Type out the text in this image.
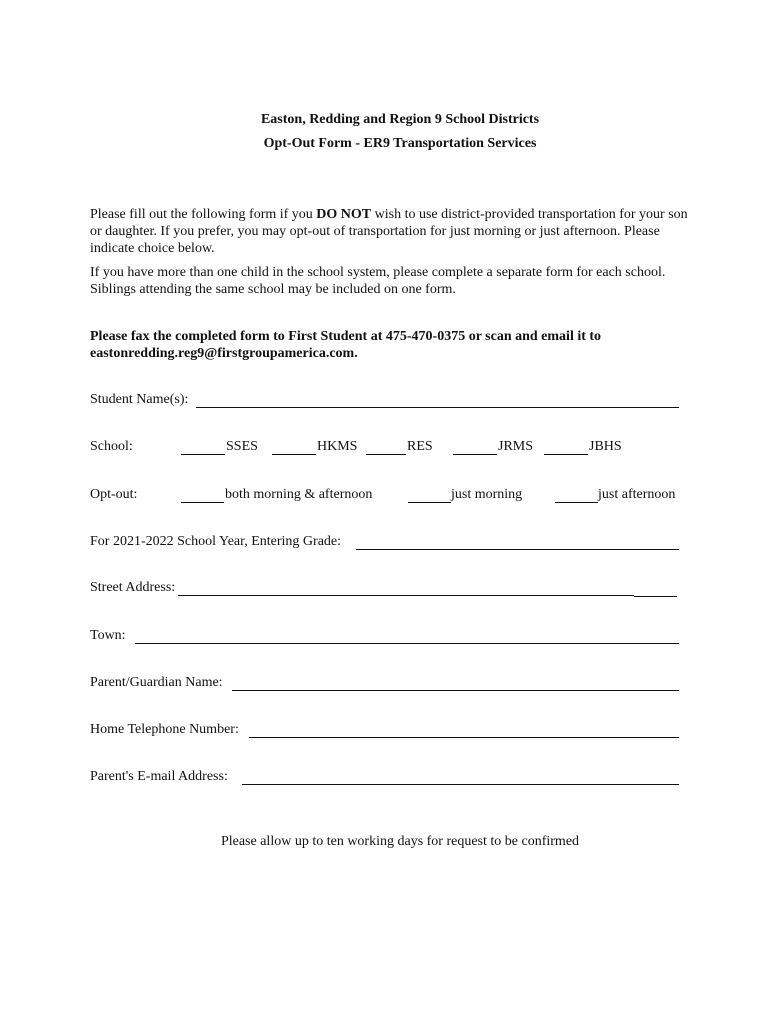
Easton, Redding and Region 9 School Districts
Opt-Out Form - ER9 Transportation Services
Please fill out the following form if you DO NOT wish to use district-provided transportation for your son or daughter. If you prefer, you may opt-out of transportation for just morning or just afternoon. Please indicate choice below.
If you have more than one child in the school system, please complete a separate form for each school. Siblings attending the same school may be included on one form.
Please fax the completed form to First Student at 475-470-0375 or scan and email it to eastonredding.reg9@firstgroupamerica.com.
Student Name(s):
School:	SSES	HKMS	RES	JRMS	JBHS
Opt-out:	both morning & afternoon	just morning	just afternoon
For 2021-2022 School Year, Entering Grade:
Street Address:
Town:
Parent/Guardian Name:
Home Telephone Number:
Parent's E-mail Address:
Please allow up to ten working days for request to be confirmed
